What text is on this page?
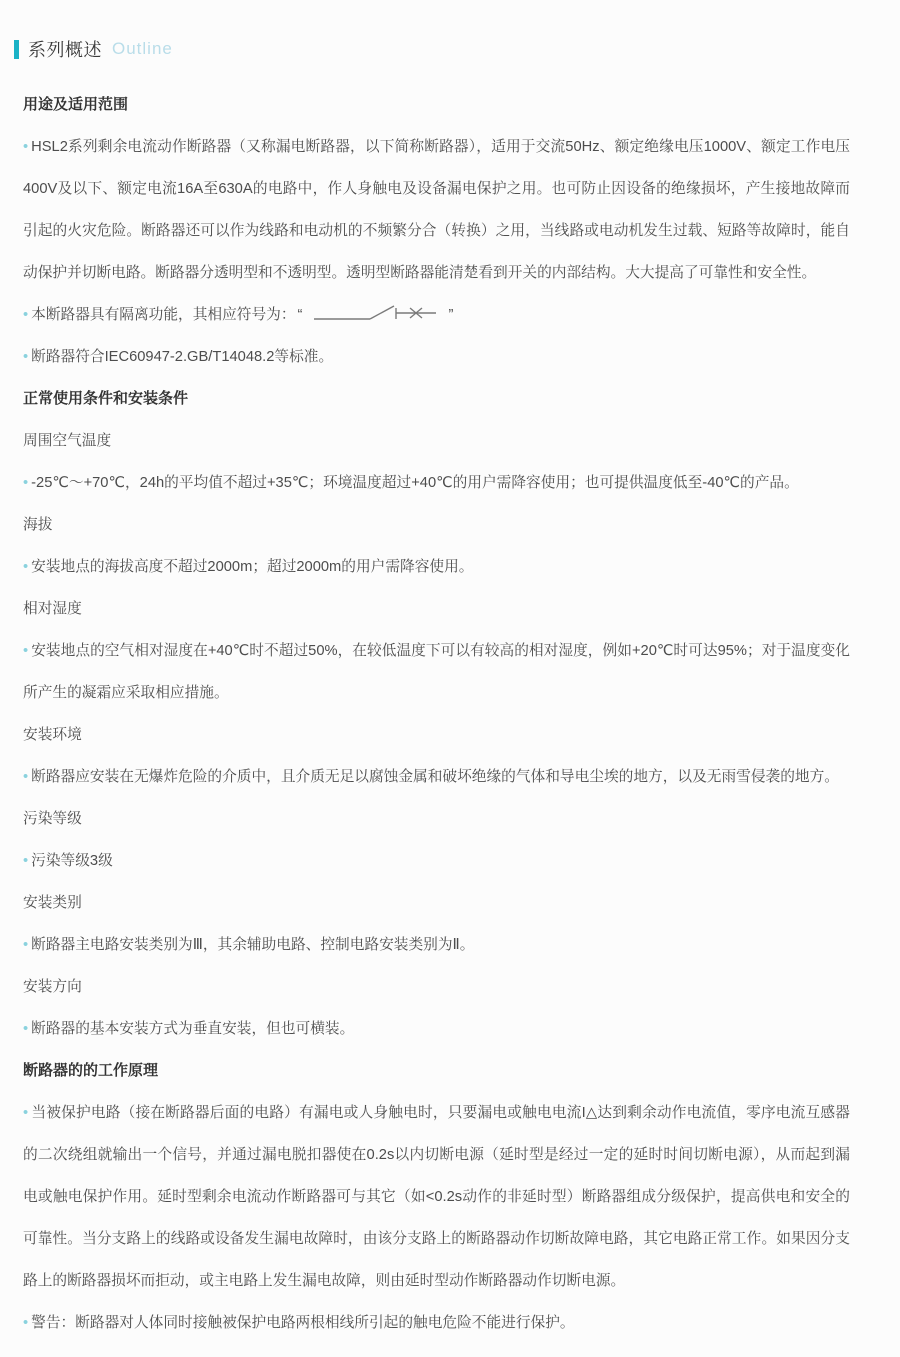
系列概述 Outline

用途及适用范围

• HSL2系列剩余电流动作断路器（又称漏电断路器，以下简称断路器），适用于交流50Hz、额定绝缘电压1000V、额定工作电压400V及以下、额定电流16A至630A的电路中，作人身触电及设备漏电保护之用。也可防止因设备的绝缘损坏，产生接地故障而引起的火灾危险。断路器还可以作为线路和电动机的不频繁分合（转换）之用，当线路或电动机发生过载、短路等故障时，能自动保护并切断电路。断路器分透明型和不透明型。透明型断路器能清楚看到开关的内部结构。大大提高了可靠性和安全性。

• 本断路器具有隔离功能，其相应符号为： “	”

• 断路器符合IEC60947-2.GB/T14048.2等标准。

正常使用条件和安装条件

周围空气温度

• -25℃～+70℃，24h的平均值不超过+35℃；环境温度超过+40℃的用户需降容使用；也可提供温度低至-40℃的产品。

海拔

• 安装地点的海拔高度不超过2000m；超过2000m的用户需降容使用。

相对湿度

• 安装地点的空气相对湿度在+40℃时不超过50%，在较低温度下可以有较高的相对湿度，例如+20℃时可达95%；对于温度变化所产生的凝霜应采取相应措施。

安装环境

• 断路器应安装在无爆炸危险的介质中，且介质无足以腐蚀金属和破坏绝缘的气体和导电尘埃的地方，以及无雨雪侵袭的地方。

污染等级

• 污染等级3级

安装类别

• 断路器主电路安装类别为Ⅲ，其余辅助电路、控制电路安装类别为Ⅱ。

安装方向

• 断路器的基本安装方式为垂直安装，但也可横装。

断路器的的工作原理

• 当被保护电路（接在断路器后面的电路）有漏电或人身触电时，只要漏电或触电电流I△达到剩余动作电流值，零序电流互感器的二次绕组就输出一个信号，并通过漏电脱扣器使在0.2s以内切断电源（延时型是经过一定的延时时间切断电源），从而起到漏电或触电保护作用。延时型剩余电流动作断路器可与其它（如<0.2s动作的非延时型）断路器组成分级保护，提高供电和安全的可靠性。当分支路上的线路或设备发生漏电故障时，由该分支路上的断路器动作切断故障电路，其它电路正常工作。如果因分支路上的断路器损坏而拒动，或主电路上发生漏电故障，则由延时型动作断路器动作切断电源。

• 警告：断路器对人体同时接触被保护电路两根相线所引起的触电危险不能进行保护。
